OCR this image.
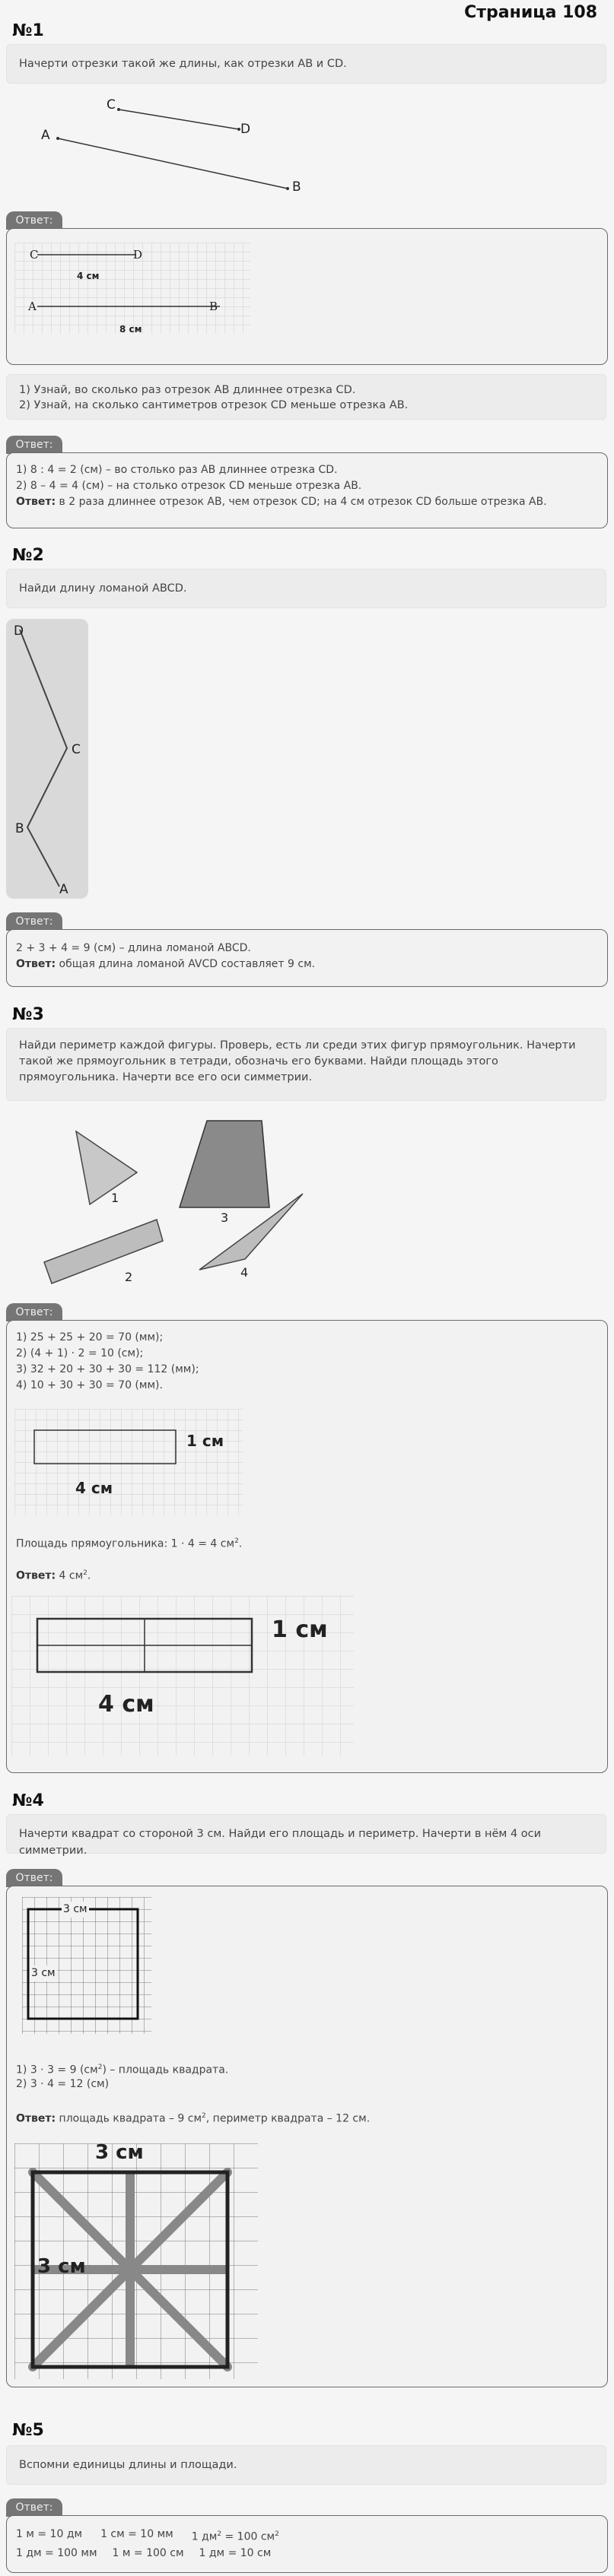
Страница 108
№1
Начерти отрезки такой же длины, как отрезки AB и CD.
A
B
C
D
Ответ:
C	D
4 см
A	B
8 см
1) Узнай, во сколько раз отрезок АВ длиннее отрезка CD.
2) Узнай, на сколько сантиметров отрезок CD меньше отрезка AB.
Ответ:

1) 8 : 4 = 2 (см) – во столько раз АВ длиннее отрезка CD.

2) 8 – 4 = 4 (см) – на столько отрезок CD меньше отрезка AB.

Ответ: в 2 раза длиннее отрезок АВ, чем отрезок CD; на 4 см отрезок CD больше отрезка AB.

№2
Найди длину ломаной ABCD.
A
B
C
D
Ответ:

2 + 3 + 4 = 9 (см) – длина ломаной ABCD.

Ответ: общая длина ломаной AVCD составляет 9 см.

№3
Найди периметр каждой фигуры. Проверь, есть ли среди этих фигур прямоугольник. Начерти такой же прямоугольник в тетради, обозначь его буквами. Найди площадь этого прямоугольника. Начерти все его оси симметрии.
1
2
3
4
Ответ:

1) 25 + 25 + 20 = 70 (мм);

2) (4 + 1) · 2 = 10 (см);

3) 32 + 20 + 30 + 30 = 112 (мм);

4) 10 + 30 + 30 = 70 (мм).

1 см
4 см

Площадь прямоугольника: 1 · 4 = 4 $см^2$.

Ответ: 4 $см^2$.

1 см
4 см
№4
Начерти квадрат со стороной 3 см. Найди его площадь и периметр. Начерти в нём 4 оси симметрии.
Ответ:
3 см
3 см

1) 3 · 3 = 9 $(см^2)$ – площадь квадрата.

2) 3 · 4 = 12 (см)

Ответ: площадь квадрата – 9 $см^2$, периметр квадрата – 12 см.

3 см
3 см
№5
Вспомни единицы длины и площади.
Ответ:
1 м = 10 дм 1 см = 10 мм 1 $дм^2 = 100$ $см^2$
1 дм = 100 мм 1 м = 100 см 1 дм = 10 см
